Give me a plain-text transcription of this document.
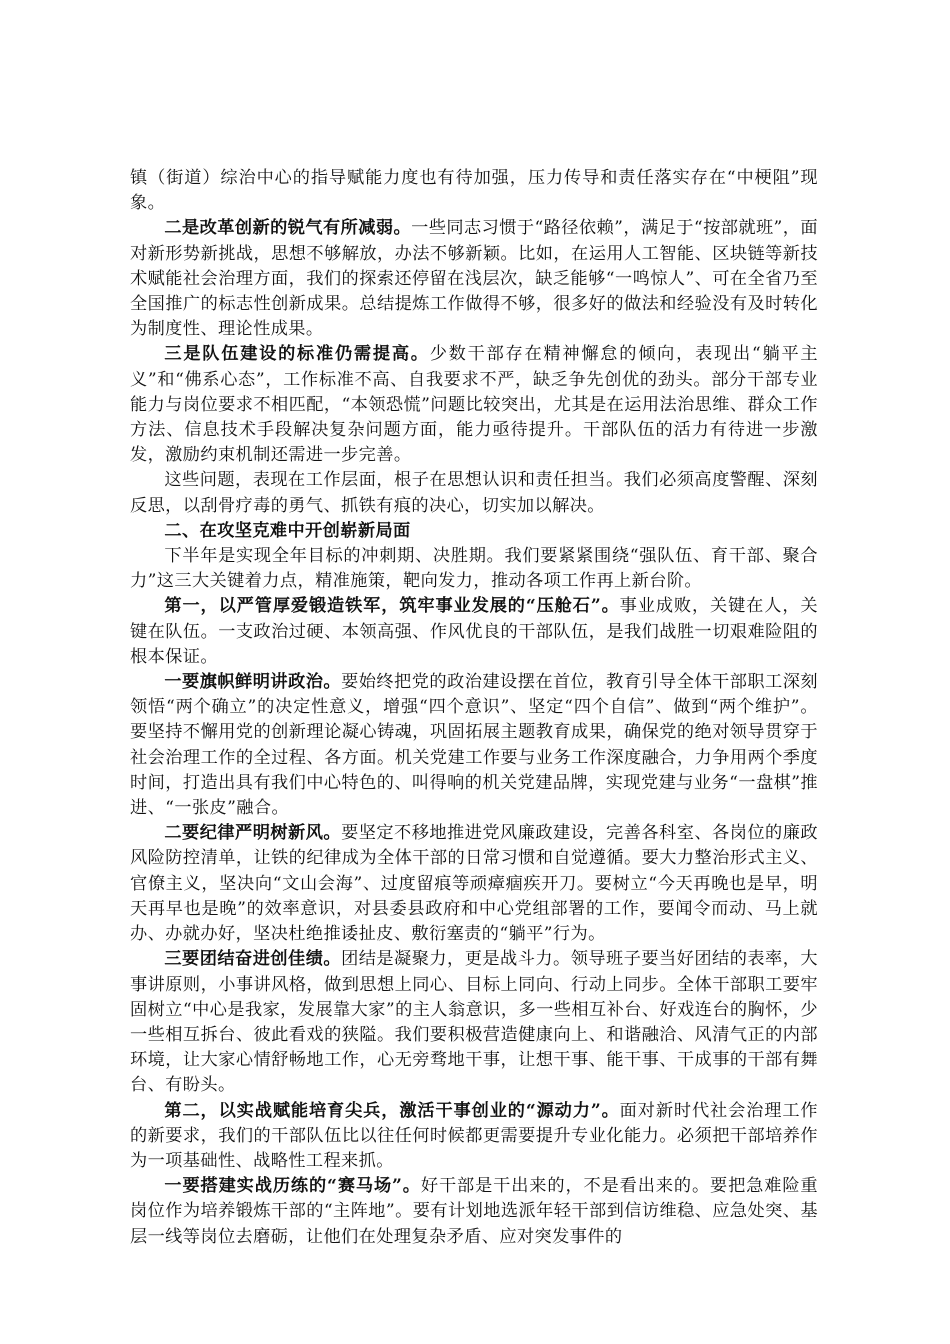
镇（街道）综治中心的指导赋能力度也有待加强，压力传导和责任落实存在“中梗阻”现象。

二是改革创新的锐气有所减弱。一些同志习惯于“路径依赖”，满足于“按部就班”，面对新形势新挑战，思想不够解放，办法不够新颖。比如，在运用人工智能、区块链等新技术赋能社会治理方面，我们的探索还停留在浅层次，缺乏能够“一鸣惊人”、可在全省乃至全国推广的标志性创新成果。总结提炼工作做得不够，很多好的做法和经验没有及时转化为制度性、理论性成果。

三是队伍建设的标准仍需提高。少数干部存在精神懈怠的倾向，表现出“躺平主义”和“佛系心态”，工作标准不高、自我要求不严，缺乏争先创优的劲头。部分干部专业能力与岗位要求不相匹配，“本领恐慌”问题比较突出，尤其是在运用法治思维、群众工作方法、信息技术手段解决复杂问题方面，能力亟待提升。干部队伍的活力有待进一步激发，激励约束机制还需进一步完善。

这些问题，表现在工作层面，根子在思想认识和责任担当。我们必须高度警醒、深刻反思，以刮骨疗毒的勇气、抓铁有痕的决心，切实加以解决。

二、在攻坚克难中开创崭新局面

下半年是实现全年目标的冲刺期、决胜期。我们要紧紧围绕“强队伍、育干部、聚合力”这三大关键着力点，精准施策，靶向发力，推动各项工作再上新台阶。

第一，以严管厚爱锻造铁军，筑牢事业发展的“压舱石”。事业成败，关键在人，关键在队伍。一支政治过硬、本领高强、作风优良的干部队伍，是我们战胜一切艰难险阻的根本保证。

一要旗帜鲜明讲政治。要始终把党的政治建设摆在首位，教育引导全体干部职工深刻领悟“两个确立”的决定性意义，增强“四个意识”、坚定“四个自信”、做到“两个维护”。要坚持不懈用党的创新理论凝心铸魂，巩固拓展主题教育成果，确保党的绝对领导贯穿于社会治理工作的全过程、各方面。机关党建工作要与业务工作深度融合，力争用两个季度时间，打造出具有我们中心特色的、叫得响的机关党建品牌，实现党建与业务“一盘棋”推进、“一张皮”融合。

二要纪律严明树新风。要坚定不移地推进党风廉政建设，完善各科室、各岗位的廉政风险防控清单，让铁的纪律成为全体干部的日常习惯和自觉遵循。要大力整治形式主义、官僚主义，坚决向“文山会海”、过度留痕等顽瘴痼疾开刀。要树立“今天再晚也是早，明天再早也是晚”的效率意识，对县委县政府和中心党组部署的工作，要闻令而动、马上就办、办就办好，坚决杜绝推诿扯皮、敷衍塞责的“躺平”行为。

三要团结奋进创佳绩。团结是凝聚力，更是战斗力。领导班子要当好团结的表率，大事讲原则，小事讲风格，做到思想上同心、目标上同向、行动上同步。全体干部职工要牢固树立“中心是我家，发展靠大家”的主人翁意识，多一些相互补台、好戏连台的胸怀，少一些相互拆台、彼此看戏的狭隘。我们要积极营造健康向上、和谐融洽、风清气正的内部环境，让大家心情舒畅地工作，心无旁骛地干事，让想干事、能干事、干成事的干部有舞台、有盼头。

第二，以实战赋能培育尖兵，激活干事创业的“源动力”。面对新时代社会治理工作的新要求，我们的干部队伍比以往任何时候都更需要提升专业化能力。必须把干部培养作为一项基础性、战略性工程来抓。

一要搭建实战历练的“赛马场”。好干部是干出来的，不是看出来的。要把急难险重岗位作为培养锻炼干部的“主阵地”。要有计划地选派年轻干部到信访维稳、应急处突、基层一线等岗位去磨砺，让他们在处理复杂矛盾、应对突发事件的
